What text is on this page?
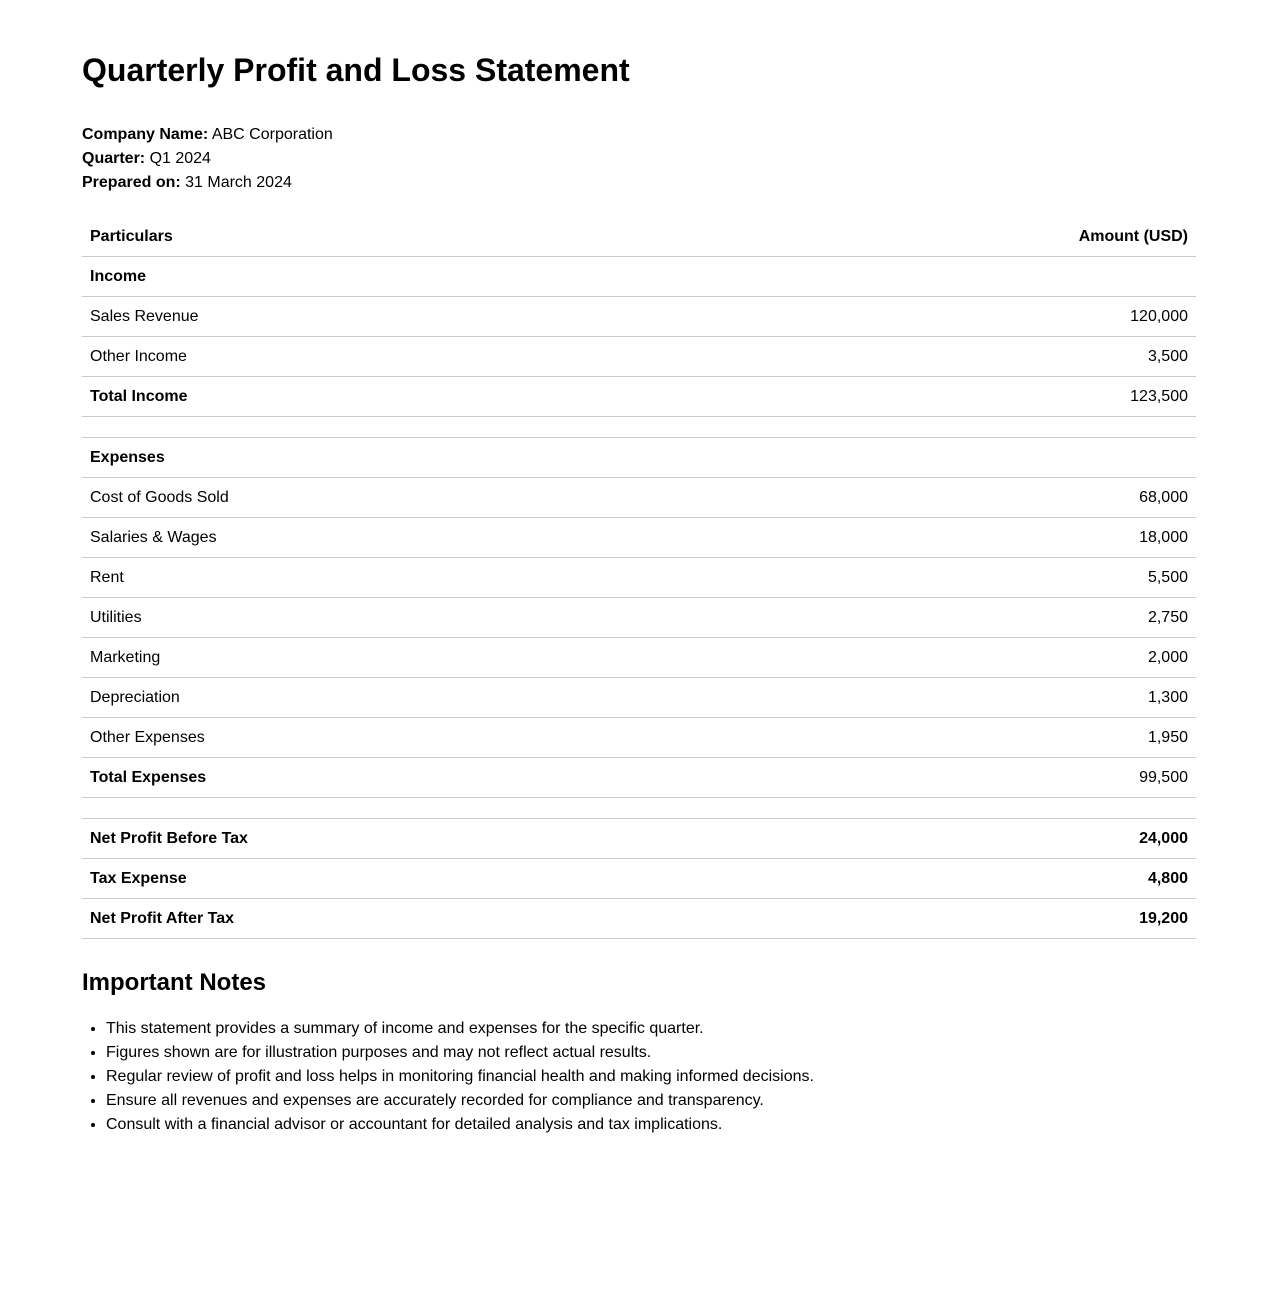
Quarterly Profit and Loss Statement
Company Name: ABC Corporation
Quarter: Q1 2024
Prepared on: 31 March 2024
Particulars	Amount (USD)
Income	
Sales Revenue	120,000
Other Income	3,500
Total Income	123,500

Expenses	
Cost of Goods Sold	68,000
Salaries & Wages	18,000
Rent	5,500
Utilities	2,750
Marketing	2,000
Depreciation	1,300
Other Expenses	1,950
Total Expenses	99,500

Net Profit Before Tax	24,000
Tax Expense	4,800
Net Profit After Tax	19,200
Important Notes
• This statement provides a summary of income and expenses for the specific quarter.
• Figures shown are for illustration purposes and may not reflect actual results.
• Regular review of profit and loss helps in monitoring financial health and making informed decisions.
• Ensure all revenues and expenses are accurately recorded for compliance and transparency.
• Consult with a financial advisor or accountant for detailed analysis and tax implications.
